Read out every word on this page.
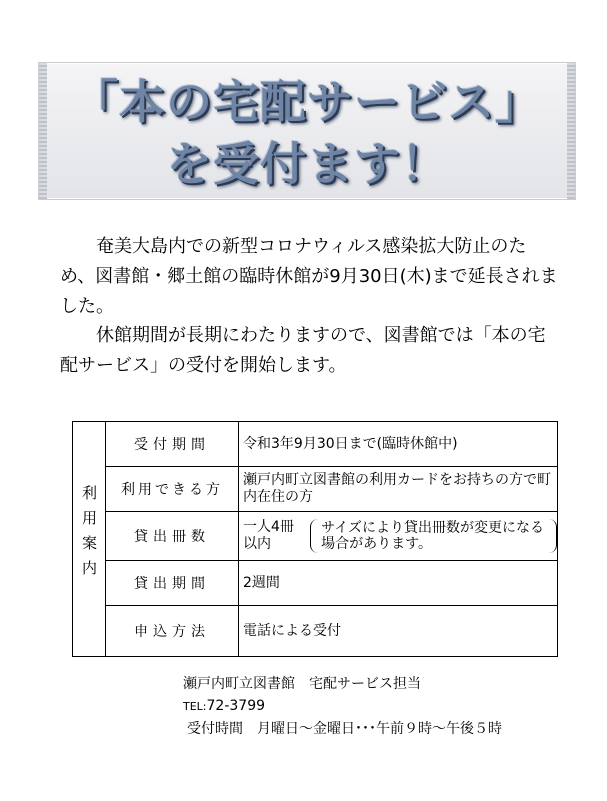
「本の宅配サービス」
を受付ます！

奄美大島内での新型コロナウィルス感染拡大防止のため、図書館・郷土館の臨時休館が9月30日(木)まで延長されました。

休館期間が長期にわたりますので、図書館では「本の宅配サービス」の受付を開始します。

利用案内	受付期間	令和3年9月30日まで(臨時休館中)
	利用できる方	瀬戸内町立図書館の利用カードをお持ちの方で町内在住の方
	貸出冊数	一人4冊以内
サイズにより貸出冊数が変更になる場合があります。

	貸出期間	2週間
	申込方法	電話による受付
瀬戸内町立図書館　宅配サービス担当
TEL:72-3799
受付時間　月曜日～金曜日･･･午前９時～午後５時
